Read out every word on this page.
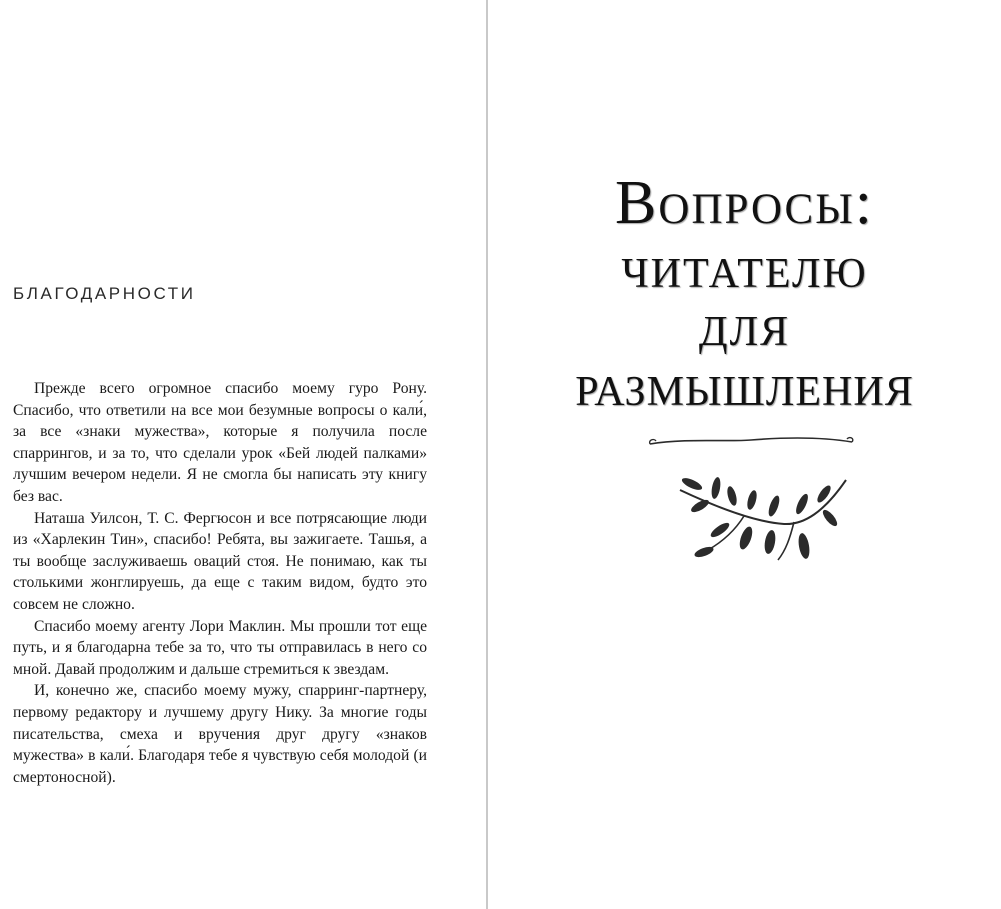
БЛАГОДАРНОСТИ

Прежде всего огромное спасибо моему гуро Рону. Спасибо, что ответили на все мои безумные вопросы о кали́, за все «знаки мужества», которые я получила после спаррингов, и за то, что сделали урок «Бей людей палками» лучшим вечером недели. Я не смогла бы написать эту книгу без вас.

Наташа Уилсон, Т. С. Фергюсон и все потрясающие люди из «Харлекин Тин», спасибо! Ребята, вы зажигаете. Ташья, а ты вообще заслуживаешь оваций стоя. Не понимаю, как ты столькими жонглируешь, да еще с таким видом, будто это совсем не сложно.

Спасибо моему агенту Лори Маклин. Мы прошли тот еще путь, и я благодарна тебе за то, что ты отправилась в него со мной. Давай продолжим и дальше стремиться к звездам.

И, конечно же, спасибо моему мужу, спарринг-партнеру, первому редактору и лучшему другу Нику. За многие годы писательства, смеха и вручения друг другу «знаков мужества» в кали́. Благодаря тебе я чувствую себя молодой (и смертоносной).

Вопросы:
читателю
для
размышления
